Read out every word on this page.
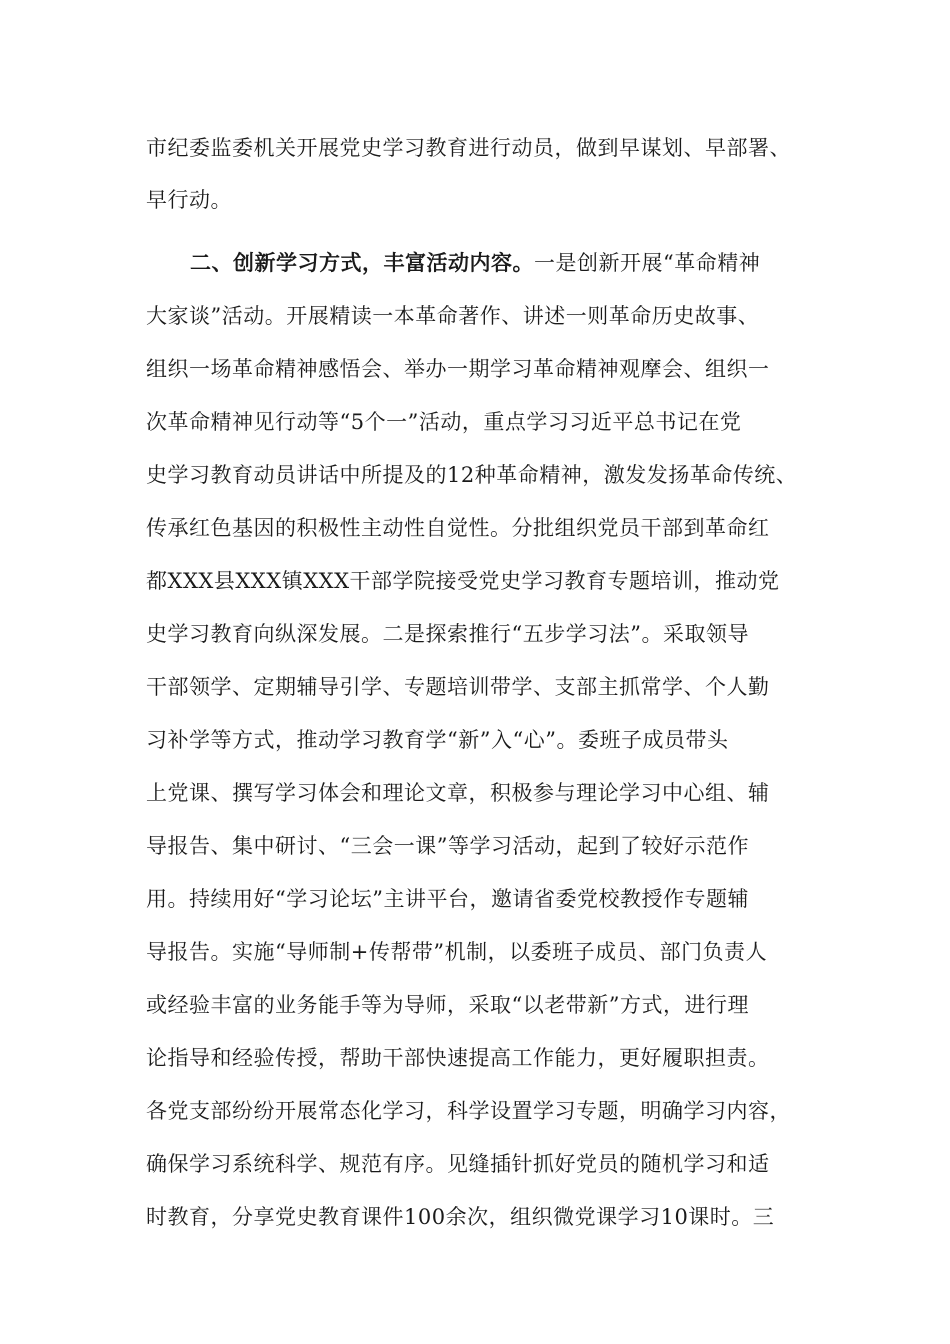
市纪委监委机关开展党史学习教育进行动员，做到早谋划、早部署、
早行动。
二、创新学习方式，丰富活动内容。一是创新开展“革命精神
大家谈”活动。开展精读一本革命著作、讲述一则革命历史故事、
组织一场革命精神感悟会、举办一期学习革命精神观摩会、组织一
次革命精神见行动等“5个一”活动，重点学习习近平总书记在党
史学习教育动员讲话中所提及的12种革命精神，激发发扬革命传统、
传承红色基因的积极性主动性自觉性。分批组织党员干部到革命红
都XXX县XXX镇XXX干部学院接受党史学习教育专题培训，推动党
史学习教育向纵深发展。二是探索推行“五步学习法”。采取领导
干部领学、定期辅导引学、专题培训带学、支部主抓常学、个人勤
习补学等方式，推动学习教育学“新”入“心”。委班子成员带头
上党课、撰写学习体会和理论文章，积极参与理论学习中心组、辅
导报告、集中研讨、“三会一课”等学习活动，起到了较好示范作
用。持续用好“学习论坛”主讲平台，邀请省委党校教授作专题辅
导报告。实施“导师制+传帮带”机制，以委班子成员、部门负责人
或经验丰富的业务能手等为导师，采取“以老带新”方式，进行理
论指导和经验传授，帮助干部快速提高工作能力，更好履职担责。
各党支部纷纷开展常态化学习，科学设置学习专题，明确学习内容，
确保学习系统科学、规范有序。见缝插针抓好党员的随机学习和适
时教育，分享党史教育课件100余次，组织微党课学习10课时。三
